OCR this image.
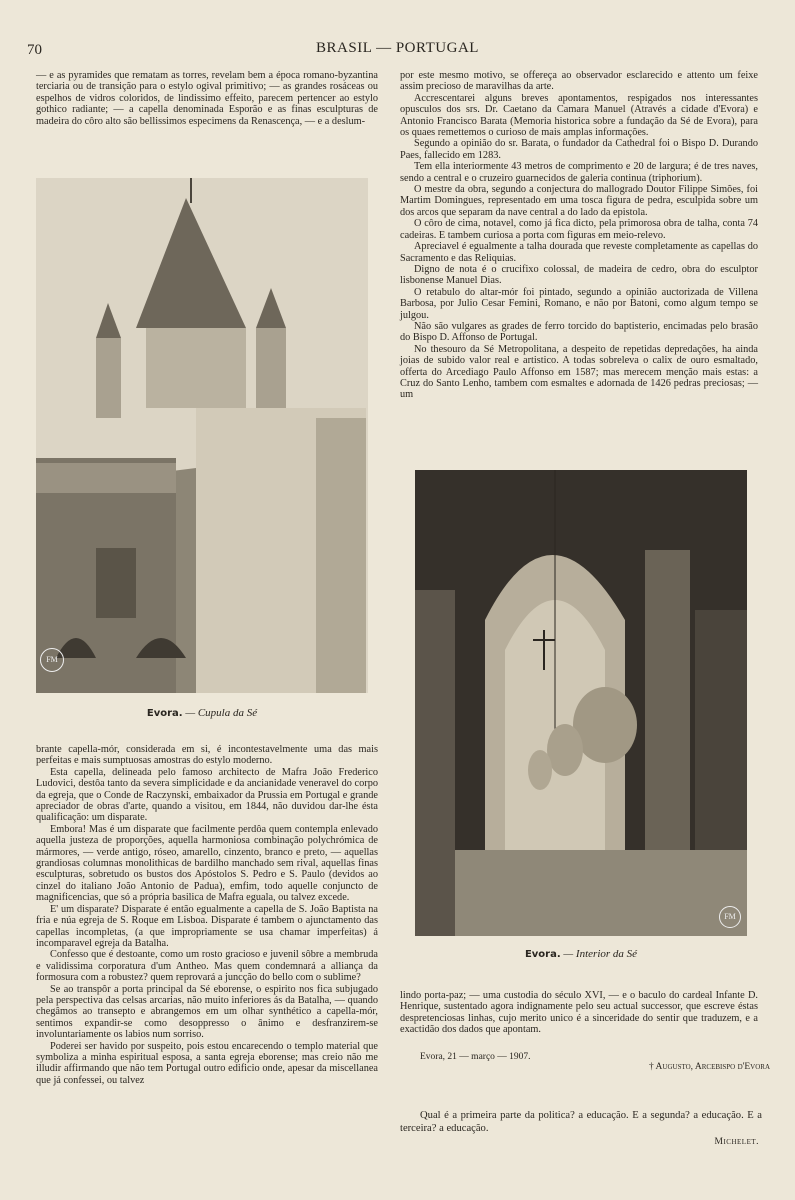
70	BRASIL — PORTUGAL

— e as pyramides que rematam as torres, revelam bem a época romano-byzantina terciaria ou de transição para o estylo ogival primitivo; — as grandes rosáceas ou espelhos de vidros coloridos, de lindissimo effeito, parecem pertencer ao estylo gothico radiante; — a capella denominada Esporão e as finas esculpturas de madeira do côro alto são bellissimos especimens da Renascença, — e a deslum-

por este mesmo motivo, se offereça ao observador esclarecido e attento um feixe assim precioso de maravilhas da arte.

Accrescentarei alguns breves apontamentos, respigados nos interessantes opusculos dos srs. Dr. Caetano da Camara Manuel (Através a cidade d'Evora) e Antonio Francisco Barata (Memoria historica sobre a fundação da Sé de Evora), para os quaes remettemos o curioso de mais amplas informações.

Segundo a opinião do sr. Barata, o fundador da Cathedral foi o Bispo D. Durando Paes, fallecido em 1283.

Tem ella interiormente 43 metros de comprimento e 20 de largura; é de tres naves, sendo a central e o cruzeiro guarnecidos de galeria continua (triphorium).

O mestre da obra, segundo a conjectura do mallogrado Doutor Filippe Simões, foi Martim Domingues, representado em uma tosca figura de pedra, esculpida sobre um dos arcos que separam da nave central a do lado da epistola.

O côro de cima, notavel, como já fica dicto, pela primorosa obra de talha, conta 74 cadeiras. E tambem curiosa a porta com figuras em meio-relevo.

Apreciavel é egualmente a talha dourada que reveste completamente as capellas do Sacramento e das Reliquias.

Digno de nota é o crucifixo colossal, de madeira de cedro, obra do esculptor lisbonense Manuel Dias.

O retabulo do altar-mór foi pintado, segundo a opinião auctorizada de Villena Barbosa, por Julio Cesar Femini, Romano, e não por Batoni, como algum tempo se julgou.

Não são vulgares as grades de ferro torcido do baptisterio, encimadas pelo brasão do Bispo D. Affonso de Portugal.

No thesouro da Sé Metropolitana, a despeito de repetidas depredações, ha ainda joias de subido valor real e artistico. A todas sobreleva o calix de ouro esmaltado, offerta do Arcediago Paulo Affonso em 1587; mas merecem menção mais estas: a Cruz do Santo Lenho, tambem com esmaltes e adornada de 1426 pedras preciosas; — um

FM
Evora. — Cupula da Sé
FM
Evora. — Interior da Sé

brante capella-mór, considerada em si, é incontestavelmente uma das mais perfeitas e mais sumptuosas amostras do estylo moderno.

Esta capella, delineada pelo famoso architecto de Mafra João Frederico Ludovici, destôa tanto da severa simplicidade e da ancianidade veneravel do corpo da egreja, que o Conde de Raczynski, embaixador da Prussia em Portugal e grande apreciador de obras d'arte, quando a visitou, em 1844, não duvidou dar-lhe ésta qualificação: um disparate.

Embora! Mas é um disparate que facilmente perdôa quem contempla enlevado aquella justeza de proporções, aquella harmoniosa combinação polychrómica de mármores, — verde antigo, róseo, amarello, cinzento, branco e preto, — aquellas grandiosas columnas monolithicas de bardilho manchado sem rival, aquellas finas esculpturas, sobretudo os bustos dos Apóstolos S. Pedro e S. Paulo (devidos ao cinzel do italiano João Antonio de Padua), emfim, todo aquelle conjuncto de magnificencias, que só a própria basilica de Mafra eguala, ou talvez excede.

E' um disparate? Disparate é então egualmente a capella de S. João Baptista na fria e núa egreja de S. Roque em Lisboa. Disparate é tambem o ajunctamento das capellas incompletas, (a que impropriamente se usa chamar imperfeitas) á incomparavel egreja da Batalha.

Confesso que é destoante, como um rosto gracioso e juvenil sôbre a membruda e validissima corporatura d'um Antheo. Mas quem condemnará a alliança da formosura com a robustez? quem reprovará a juncção do bello com o sublime?

Se ao transpôr a porta principal da Sé eborense, o espirito nos fica subjugado pela perspectiva das celsas arcarias, não muito inferiores ás da Batalha, — quando chegâmos ao transepto e abrangemos em um olhar synthético a capella-mór, sentimos expandir-se como desoppresso o ânimo e desfranzirem-se involuntariamente os labios num sorriso.

Poderei ser havido por suspeito, pois estou encarecendo o templo material que symboliza a minha espiritual esposa, a santa egreja eborense; mas creio não me illudir affirmando que não tem Portugal outro edificio onde, apesar da miscellanea que já confessei, ou talvez

lindo porta-paz; — uma custodia do século XVI, — e o baculo do cardeal Infante D. Henrique, sustentado agora indignamente pelo seu actual successor, que escreve éstas despretenciosas linhas, cujo merito unico é a sinceridade do sentir que traduzem, e a exactidão dos dados que apontam.

Evora, 21 — março — 1907.
† Augusto, Arcebispo d'Evora
Qual é a primeira parte da politica? a educação. E a segunda? a educação. E a terceira? a educação.
Michelet.
